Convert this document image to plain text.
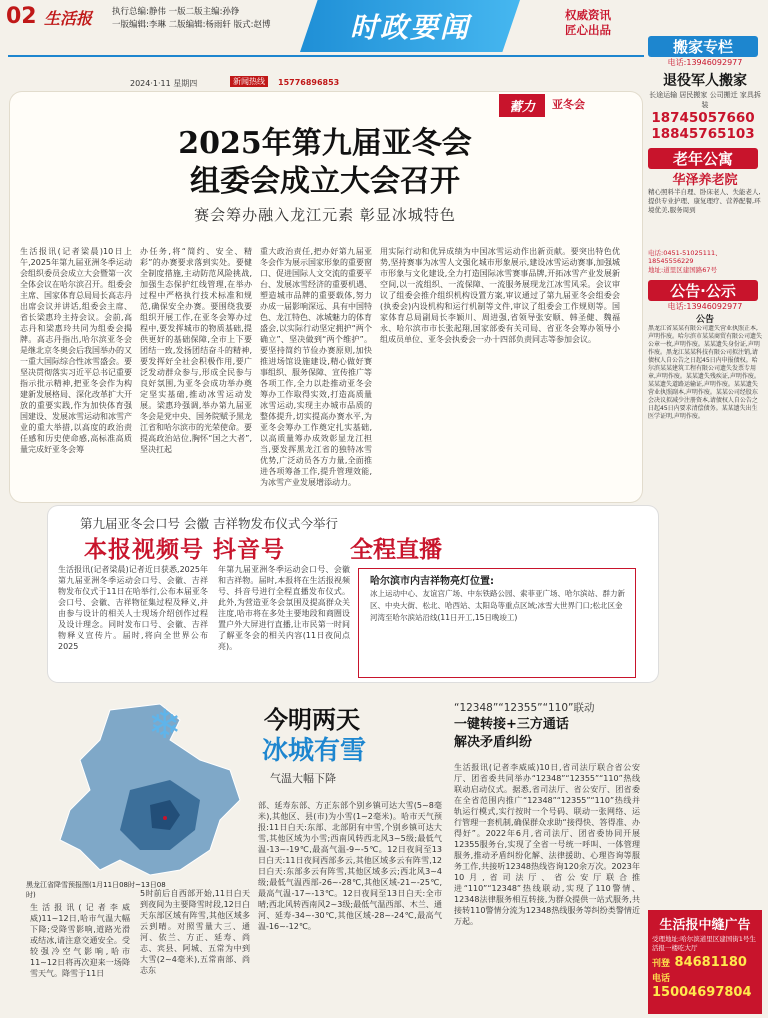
02 生活报 执行总编:静伟 一版二版主编:孙铮
一版编辑:李琳 二版编辑:杨雨轩 版式:赵博	时政要闻	权威资讯
匠心出品
2024·1·11 星期四	新闻热线	15776896853
蓄力	亚冬会
2025年第九届亚冬会
组委会成立大会召开
赛会筹办融入龙江元素 彰显冰城特色
生活报讯(记者梁晨)10日上午,2025年第九届亚洲冬季运动会组织委员会成立大会暨第一次全体会议在哈尔滨召开。组委会主席、国家体育总局局长高志丹出席会议并讲话,组委会主席、省长梁惠玲主持会议。会前,高志丹和梁惠玲共同为组委会揭牌。高志丹指出,哈尔滨亚冬会是继北京冬奥会后我国举办的又一重大国际综合性冰雪盛会。要坚决贯彻落实习近平总书记重要指示批示精神,把亚冬会作为构建新发展格局、深化改革扩大开放的重要实践,作为加快体育强国建设、发展冰雪运动和冰雪产业的重大举措,以高度的政治责任感和历史使命感,高标准高质量完成好亚冬会筹
办任务,将“简约、安全、精彩”的办赛要求落到实处。要健全制度措施,主动防范风险挑战,加强生态保护红线管理,在举办过程中严格执行技术标准和规范,确保安全办赛。要围绕我要组织开展工作,在亚冬会筹办过程中,要发挥城市的物质基础,提供更好的基础保障,全市上下要团结一致,发扬团结奋斗的精神,要发挥好全社会积极作用,要广泛发动群众参与,形成全民参与良好氛围,为亚冬会成功举办奠定坚实基础,推动冰雪运动发展。梁惠玲强调,举办第九届亚冬会是党中央、国务院赋予黑龙江省和哈尔滨市的光荣使命。要提高政治站位,胸怀“国之大者”,坚决扛起
重大政治责任,把办好第九届亚冬会作为展示国家形象的重要窗口、促进国际人文交流的重要平台、发展冰雪经济的重要机遇、塑造城市品牌的重要载体,努力办成一届影响深远、具有中国特色、龙江特色、冰城魅力的体育盛会,以实际行动坚定拥护“两个确立”、坚决做到“两个维护”。要坚持简约节俭办赛原则,加快推进场馆设施建设,精心做好赛事组织、服务保障、宣传推广等各项工作,全力以赴推动亚冬会筹办工作取得实效,打造高质量冰雪运动,实现主办城市品质的整体提升,切实提高办赛水平,为亚冬会筹办工作奠定扎实基础,以高质量筹办成效彰显龙江担当,要发挥黑龙江省的独特冰雪优势,广泛动员各方力量,全面推进各项筹备工作,提升管理效能,为冰雪产业发展增添动力。
用实际行动和优异成绩为中国冰雪运动作出新贡献。要突出特色优势,坚持赛事为冰雪人文强化城市形象展示,建设冰雪运动赛事,加强城市形象与文化建设,全力打造国际冰雪赛事品牌,开拓冰雪产业发展新空间,以一流组织、一流保障、一流服务展现龙江冰雪风采。会议审议了组委会推介组织机构设置方案,审议通过了第九届亚冬会组委会(执委会)内设机构和运行机制等文件,审议了组委会工作规则等。国家体育总局副局长李颖川、周进强,省领导张安顺、韩圣健、魏福永、哈尔滨市市长张起翔,国家部委有关司局、省亚冬会筹办领导小组成员单位、亚冬会执委会一办十四部负责同志等参加会议。
第九届亚冬会口号 会徽 吉祥物发布仪式今举行
本报视频号 抖音号	全程直播
生活报讯(记者梁晨)记者近日获悉,2025年第九届亚洲冬季运动会口号、会徽、吉祥物发布仪式于11日在哈举行,公布本届亚冬会口号、会徽、吉祥物征集过程及释义,并由参与设计的相关人士现场介绍创作过程及设计理念。同时发布口号、会徽、吉祥物释义宣传片。届时,将向全世界公布2025
年第九届亚洲冬季运动会口号、会徽和吉祥物。届时,本报将在生活报视频号、抖音号进行全程直播发布仪式。此外,为营造亚冬会氛围及提高群众关注度,哈市将在多处主要地段和商圈设置户外大屏进行直播,让市民第一时间了解亚冬会的相关内容(11日夜间点亮)。
哈尔滨市内吉祥物亮灯位置:
冰上运动中心、友谊宫广场、中东铁路公园、索菲亚广场、哈尔滨站、群力新区、中央大街、松北、哈西站、太阳岛等重点区域;冰雪大世界门口;松北区金河湾至哈尔滨站沿线(11日开工,15日晚竣工)
❄
黑龙江省降雪预报图(1月11日08时~13日08时)
今明两天
冰城有雪
气温大幅下降
生活报讯(记者李威威)11~12日,哈市气温大幅下降;受降雪影响,道路光滑或结冰,请注意交通安全。受较强冷空气影响,哈市11~12日将再次迎来一场降雪天气。降雪于11日
5时前后自西部开始,11日白天到夜间为主要降雪时段,12日白天东部区域有阵雪,其他区域多云到晴。对照雪量大三、通河、依兰、方正、延寿、尚志、宾县、阿城、五常为中到大雪(2~4毫米),五常南部、尚志东
部、延寿东部、方正东部个别乡镇可达大雪(5~8毫米),其他区、县(市)为小雪(1~2毫米)。哈市天气预报:11日白天:东部、北部阴有中雪,个别乡镇可达大雪,其他区域为小雪;西南风转西北风3~5级;最低气温-13~-19℃,最高气温-9~-5℃。12日夜间至13日白天:11日夜间西部多云,其他区域多云有阵雪,12日白天:东部多云有阵雪,其他区域多云;西北风3~4级;最低气温西部-26~-28℃,其他区域-21~-25℃,最高气温-17~-13℃。12日夜间至13日白天:全市晴;西北风转西南风2~3级;最低气温西部、木兰、通河、延寿-34~-30℃,其他区域-28~-24℃,最高气温-16~-12℃。
“12348”“12355”“110”联动
一键转接+三方通话
解决矛盾纠纷
生活报讯(记者李威威)10日,省司法厅联合省公安厅、团省委共同举办“12348”“12355”“110”热线联动启动仪式。据悉,省司法厅、省公安厅、团省委在全省范围内推广“12348”“12355”“110”热线并轨运行模式,实行按时一个号码、联动一张网络、运行管理一套机制,确保群众求助“接得快、答得准、办得好”。2022年6月,省司法厅、团省委协同开展12355服务台,实现了全省一号统一呼叫、一体管理服务,推动矛盾纠纷化解、法律援助、心理咨询等服务工作,共接听12348热线咨询120余万次。2023年10月,省司法厅、省公安厅联合推进“110”“12348”热线联动,实现了110警情、12348法律服务相互转接,为群众提供一站式服务,共接转110警情分流为12348热线服务等纠纷类警情近万起。
搬家专栏
电话:13946092977
退役军人搬家
长途运输 居民搬家 公司搬迁 家具拆装
18745057660
18845765103
老年公寓
华泽养老院
精心照料半自理、卧床老人、失能老人,提供专业护理、康复理疗、营养配餐,环境优美,服务周到
电话:0451-51025111、18545556229
地址:道里区建国路67号
公告·公示
电话:13946092977
公告
黑龙江省某某有限公司遗失营业执照正本,声明作废。哈尔滨市某某商贸有限公司遗失公章一枚,声明作废。某某遗失身份证,声明作废。黑龙江某某科技有限公司拟注销,请债权人自公告之日起45日内申报债权。哈尔滨某某建筑工程有限公司遗失发票专用章,声明作废。某某遗失残疾证,声明作废。某某遗失道路运输证,声明作废。某某遗失营业执照副本,声明作废。某某公司经股东会决议拟减少注册资本,请债权人自公告之日起45日内要求清偿债务。某某遗失出生医学证明,声明作废。
生活报中缝广告
受理地址:哈尔滨道里区建国街1号生活报一楼吃大厅
刊登 84681180
电话 15004697804
